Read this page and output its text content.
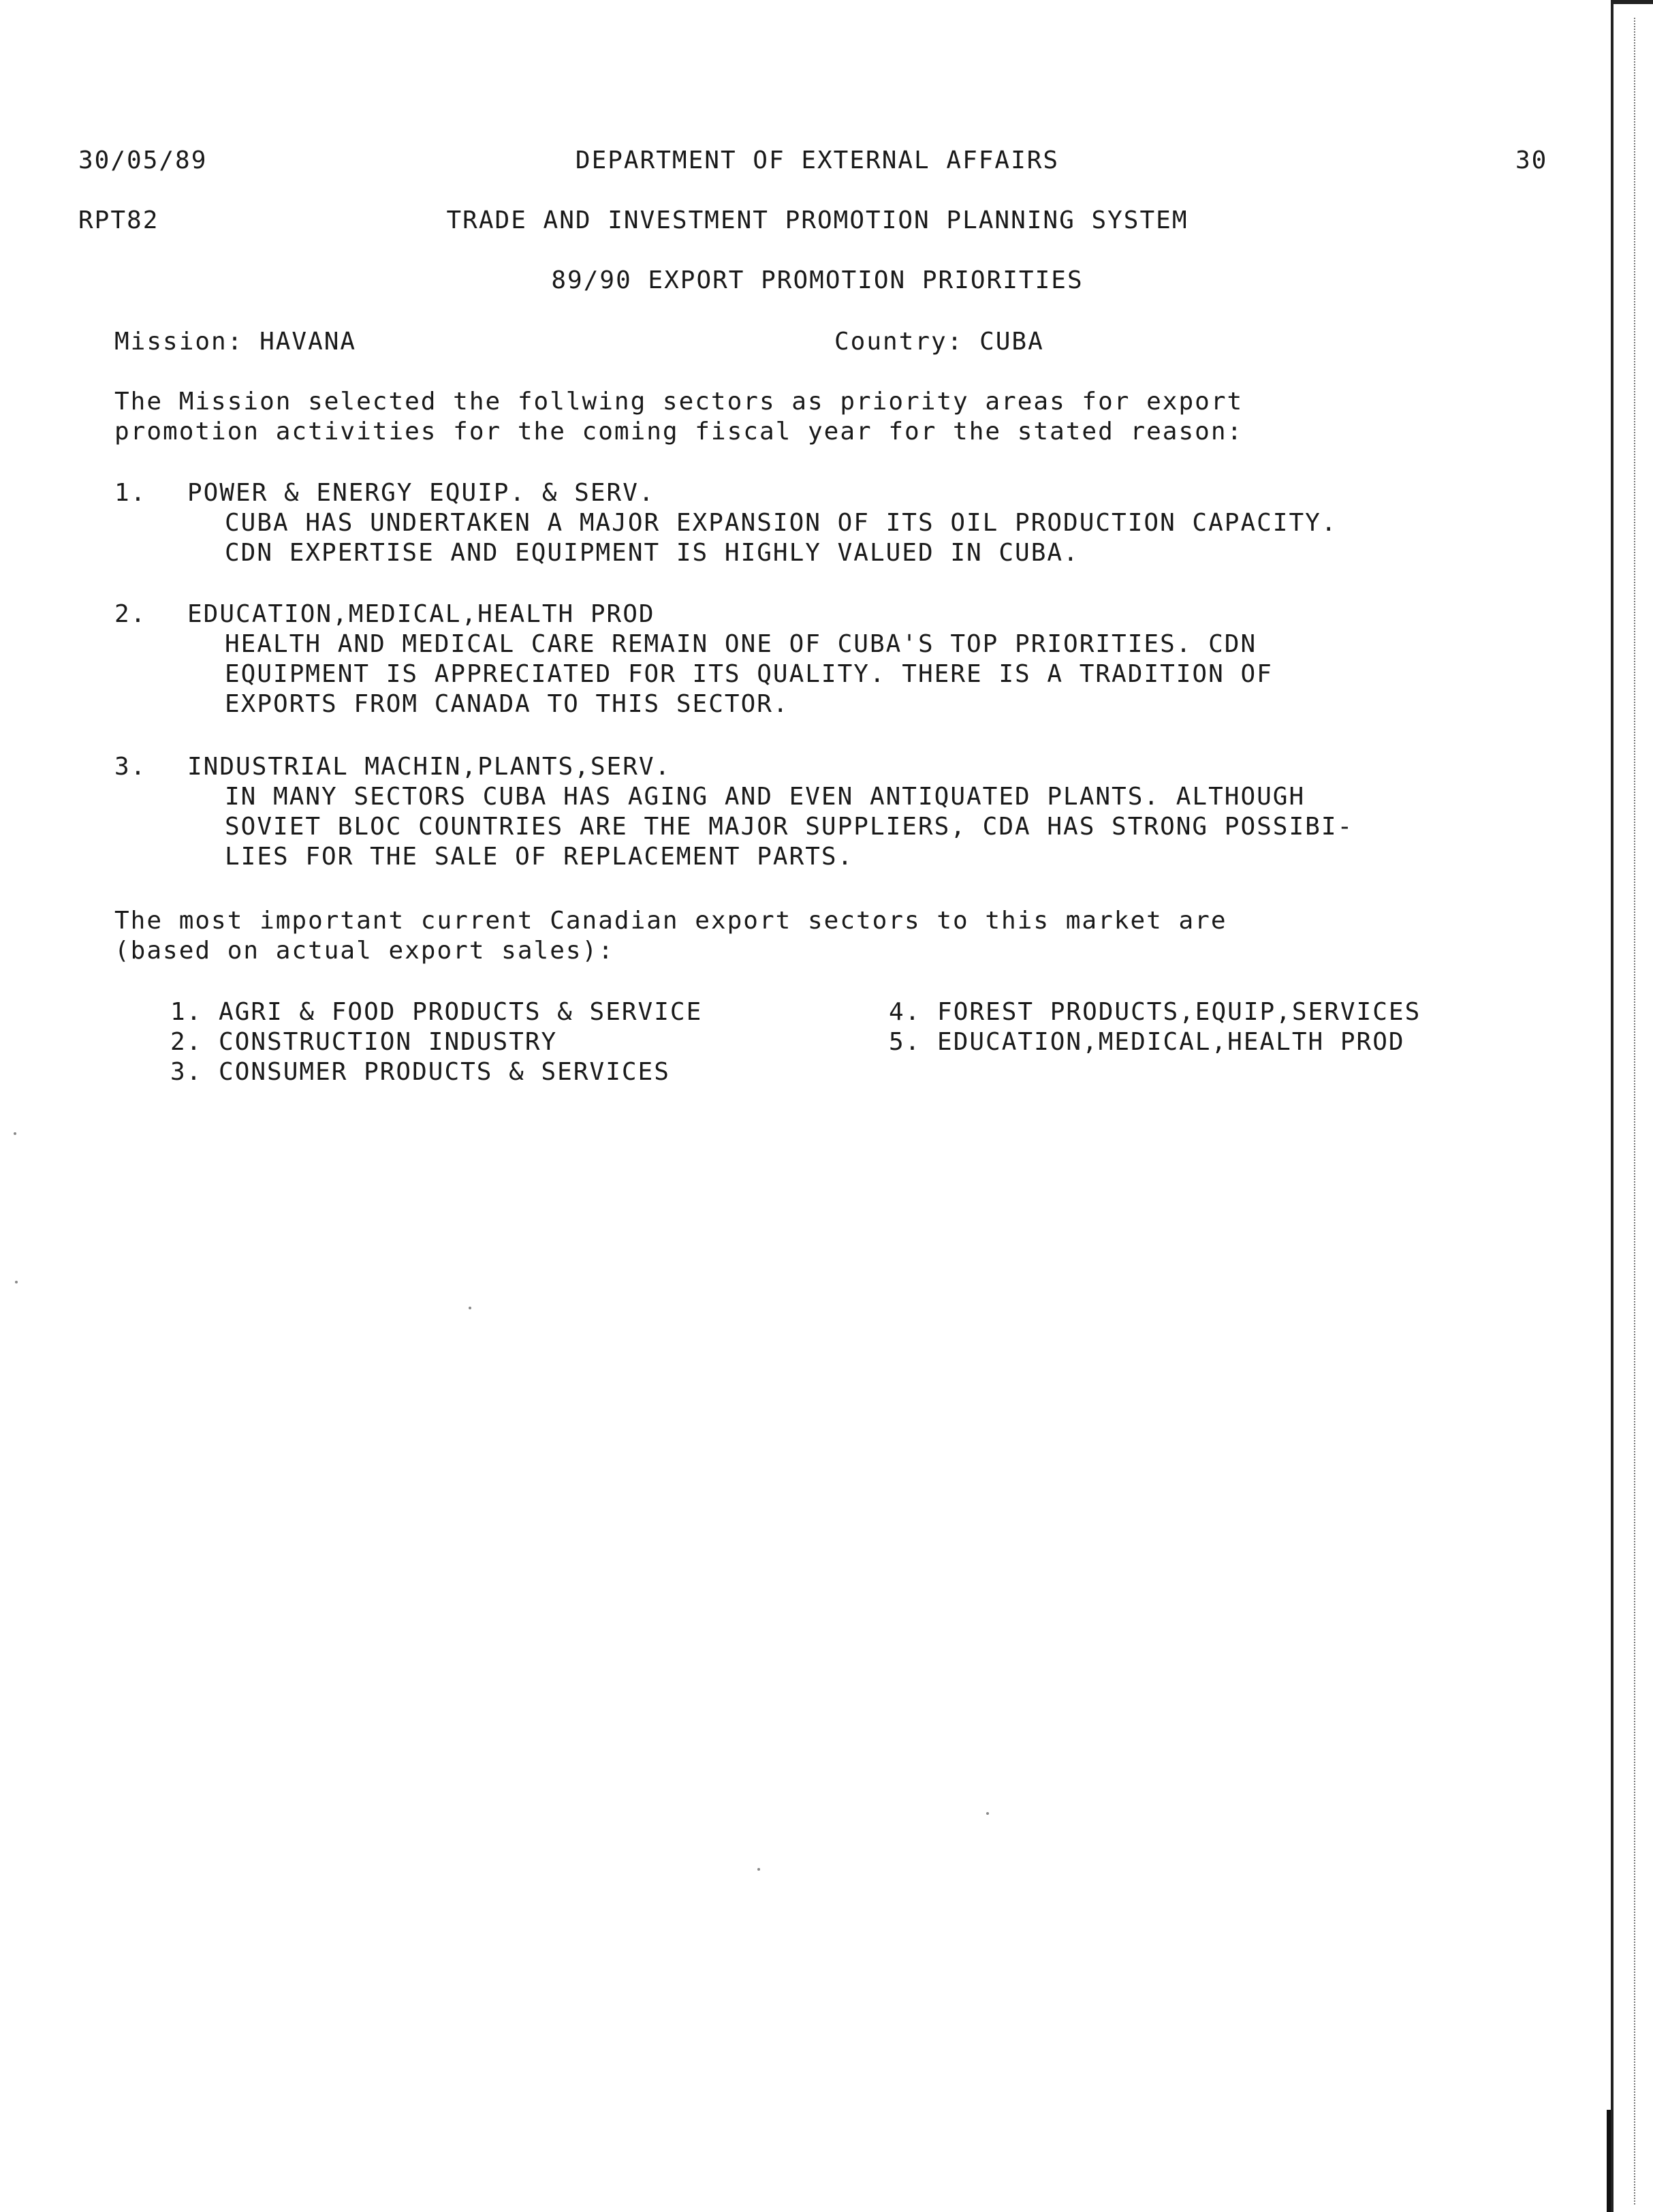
30/05/89	DEPARTMENT OF EXTERNAL AFFAIRS	30
RPT82	TRADE AND INVESTMENT PROMOTION PLANNING SYSTEM
89/90 EXPORT PROMOTION PRIORITIES
Mission: HAVANA	Country: CUBA
The Mission selected the follwing sectors as priority areas for export
promotion activities for the coming fiscal year for the stated reason:
1. POWER & ENERGY EQUIP. & SERV.
CUBA HAS UNDERTAKEN A MAJOR EXPANSION OF ITS OIL PRODUCTION CAPACITY.
CDN EXPERTISE AND EQUIPMENT IS HIGHLY VALUED IN CUBA.
2. EDUCATION,MEDICAL,HEALTH PROD
HEALTH AND MEDICAL CARE REMAIN ONE OF CUBA'S TOP PRIORITIES. CDN
EQUIPMENT IS APPRECIATED FOR ITS QUALITY. THERE IS A TRADITION OF
EXPORTS FROM CANADA TO THIS SECTOR.
3. INDUSTRIAL MACHIN,PLANTS,SERV.
IN MANY SECTORS CUBA HAS AGING AND EVEN ANTIQUATED PLANTS. ALTHOUGH
SOVIET BLOC COUNTRIES ARE THE MAJOR SUPPLIERS, CDA HAS STRONG POSSIBI-
LIES FOR THE SALE OF REPLACEMENT PARTS.
The most important current Canadian export sectors to this market are
(based on actual export sales):
1. AGRI & FOOD PRODUCTS & SERVICE
2. CONSTRUCTION INDUSTRY
3. CONSUMER PRODUCTS & SERVICES
4. FOREST PRODUCTS,EQUIP,SERVICES
5. EDUCATION,MEDICAL,HEALTH PROD
